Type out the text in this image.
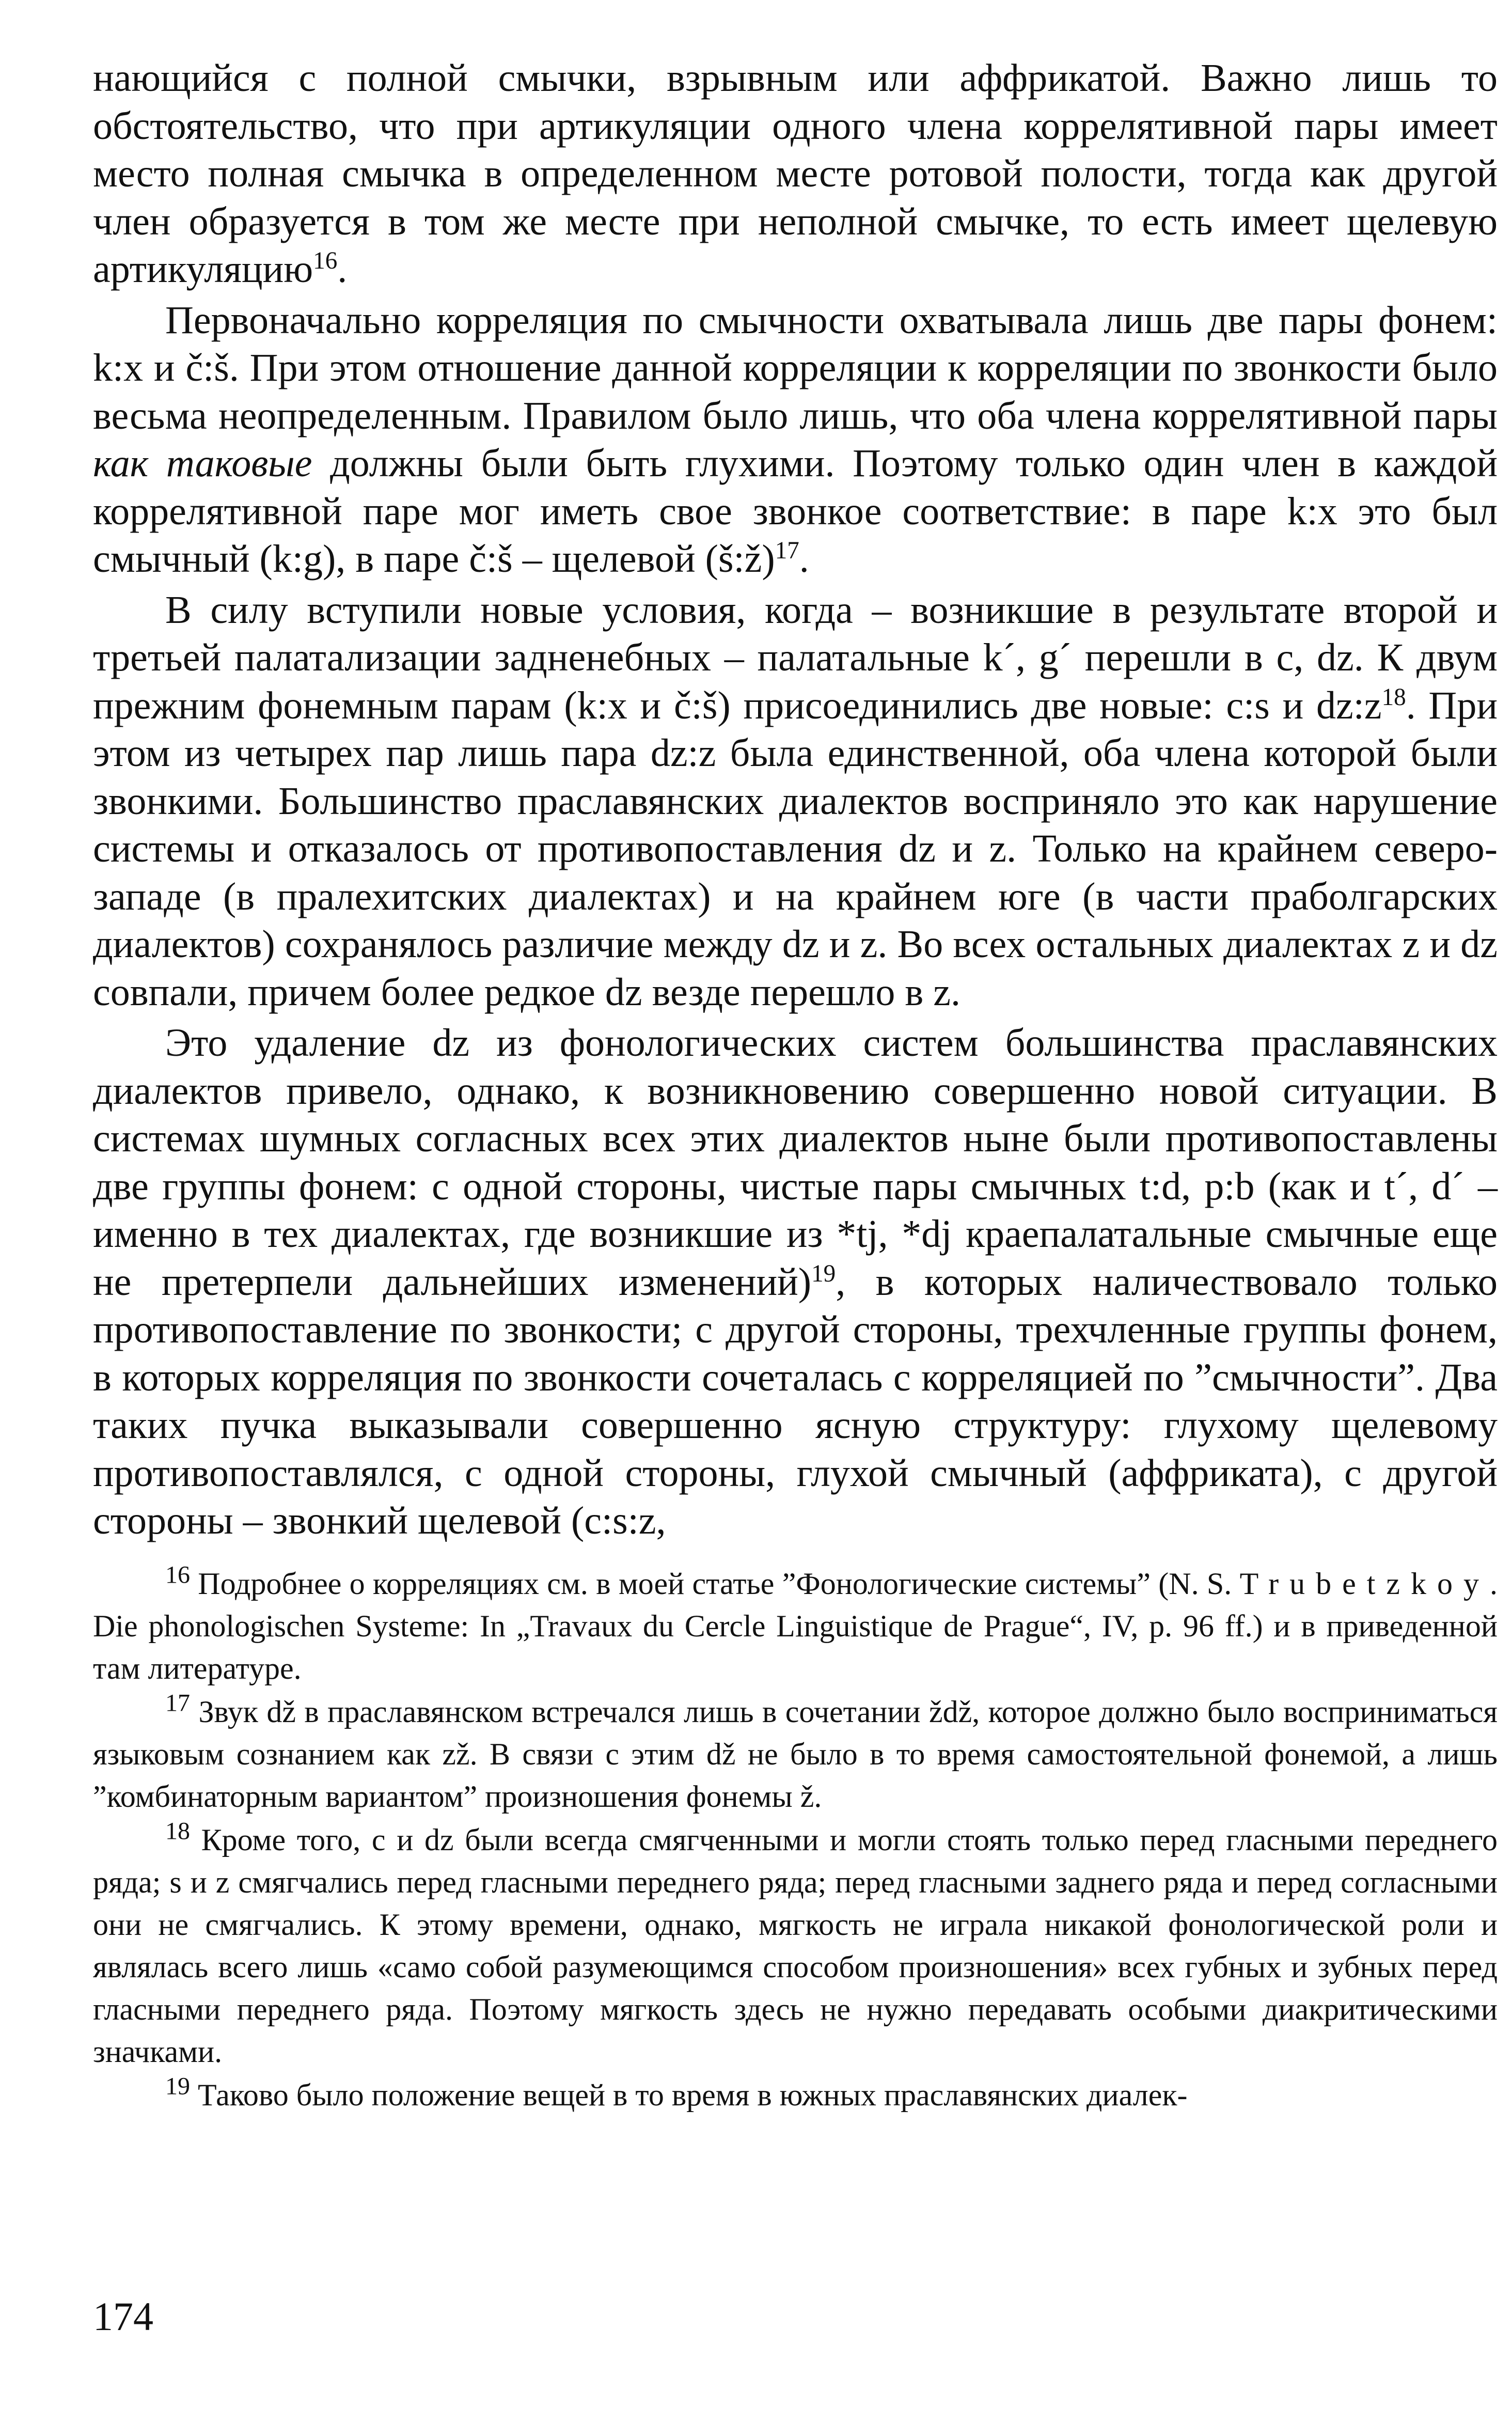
нающийся с полной смычки, взрывным или аффрикатой. Важно лишь то обстоятельство, что при артикуляции одного члена коррелятивной пары имеет место полная смычка в определенном месте ротовой полости, тогда как другой член образуется в том же месте при неполной смычке, то есть имеет щелевую артикуляцию$^{16}$.

Первоначально корреляция по смычности охватывала лишь две пары фонем: k:x и č:š. При этом отношение данной корреляции к корреляции по звонкости было весьма неопределенным. Правилом было лишь, что оба члена коррелятивной пары как таковые должны были быть глухими. Поэтому только один член в каждой коррелятивной паре мог иметь свое звонкое соответствие: в паре k:x это был смычный (k:g), в паре č:š – щелевой (š:ž)$^{17}$.

В силу вступили новые условия, когда – возникшие в результате второй и третьей палатализации задненебных – палатальные k´, g´ перешли в c, dz. К двум прежним фонемным парам (k:x и č:š) присоединились две новые: c:s и $dz:z^{18}$. При этом из четырех пар лишь пара dz:z была единственной, оба члена которой были звонкими. Большинство праславянских диалектов восприняло это как нарушение системы и отказалось от противопоставления dz и z. Только на крайнем северо-западе (в пралехитских диалектах) и на крайнем юге (в части праболгарских диалектов) сохранялось различие между dz и z. Во всех остальных диалектах z и dz совпали, причем более редкое dz везде перешло в z.

Это удаление dz из фонологических систем большинства праславянских диалектов привело, однако, к возникновению совершенно новой ситуации. В системах шумных согласных всех этих диалектов ныне были противопоставлены две группы фонем: с одной стороны, чистые пары смычных t:d, p:b (как и t´, d´ – именно в тех диалектах, где возникшие из *tj, *dj краепалатальные смычные еще не претерпели дальнейших изменений)$^{19}$, в которых наличествовало только противопоставление по звонкости; с другой стороны, трехчленные группы фонем, в которых корреляция по звонкости сочеталась с корреляцией по ”смычности”. Два таких пучка выказывали совершенно ясную структуру: глухому щелевому противопоставлялся, с одной стороны, глухой смычный (аффриката), с другой стороны – звонкий щелевой (c:s:z,

$^{16}$ Подробнее о корреляциях см. в моей статье ”Фонологические системы” (N. S. Trubetzkoy. Die phonologischen Systeme: In „Travaux du Cercle Linguistique de Prague“, IV, p. 96 ff.) и в приведенной там литературе.

$^{17}$ Звук dž в праславянском встречался лишь в сочетании ždž, которое должно было восприниматься языковым сознанием как zž. В связи с этим dž не было в то время самостоятельной фонемой, а лишь ”комбинаторным вариантом” произношения фонемы ž.

$^{18}$ Кроме того, c и dz были всегда смягченными и могли стоять только перед гласными переднего ряда; s и z смягчались перед гласными переднего ряда; перед гласными заднего ряда и перед согласными они не смягчались. К этому времени, однако, мягкость не играла никакой фонологической роли и являлась всего лишь «само собой разумеющимся способом произношения» всех губных и зубных перед гласными переднего ряда. Поэтому мягкость здесь не нужно передавать особыми диакритическими значками.

$^{19}$ Таково было положение вещей в то время в южных праславянских диалек-

174
